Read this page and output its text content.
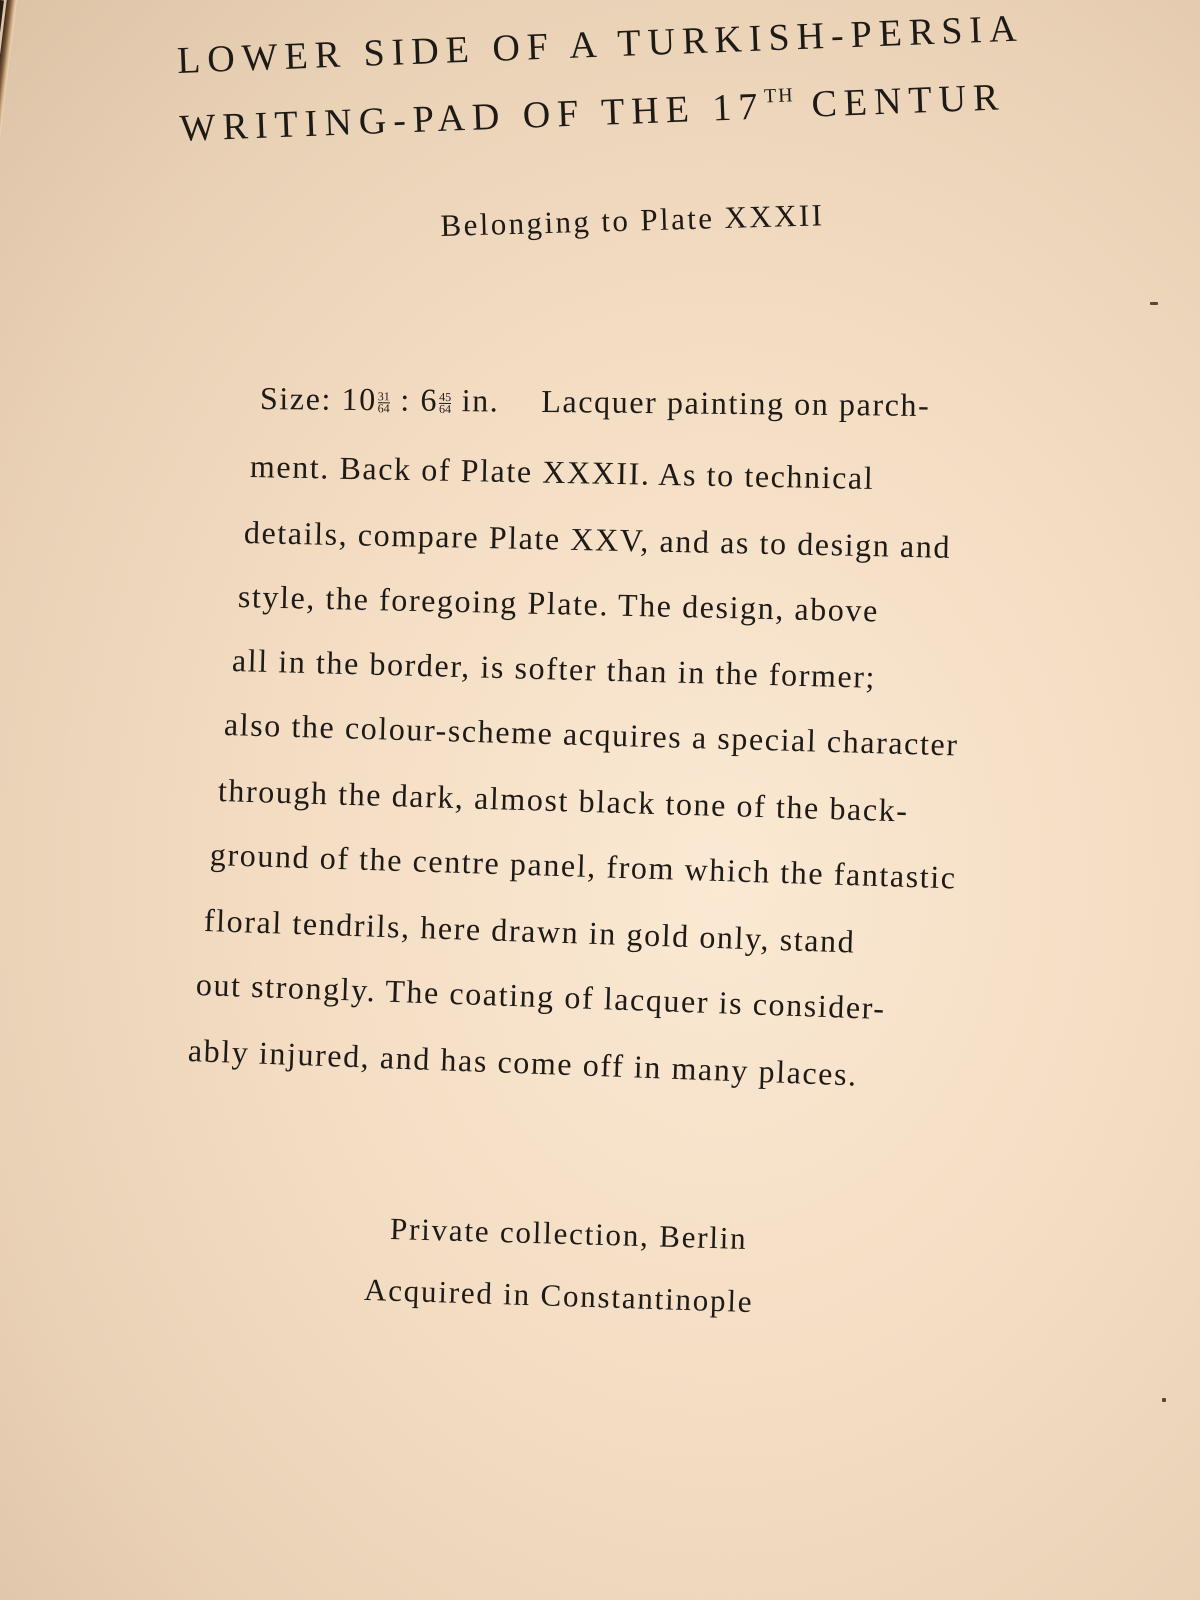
LOWER SIDE OF A TURKISH-PERSIA
WRITING-PAD OF THE 17TH CENTUR
Belonging to Plate XXXII
Size: $10 \frac{31}{64}$ : $6 \frac{45}{64}$ in. Lacquer painting on parch-
ment. Back of Plate XXXII. As to technical
details, compare Plate XXV, and as to design and
style, the foregoing Plate. The design, above
all in the border, is softer than in the former;
also the colour-scheme acquires a special character
through the dark, almost black tone of the back-
ground of the centre panel, from which the fantastic
floral tendrils, here drawn in gold only, stand
out strongly. The coating of lacquer is consider-
ably injured, and has come off in many places.
Private collection, Berlin
Acquired in Constantinople
